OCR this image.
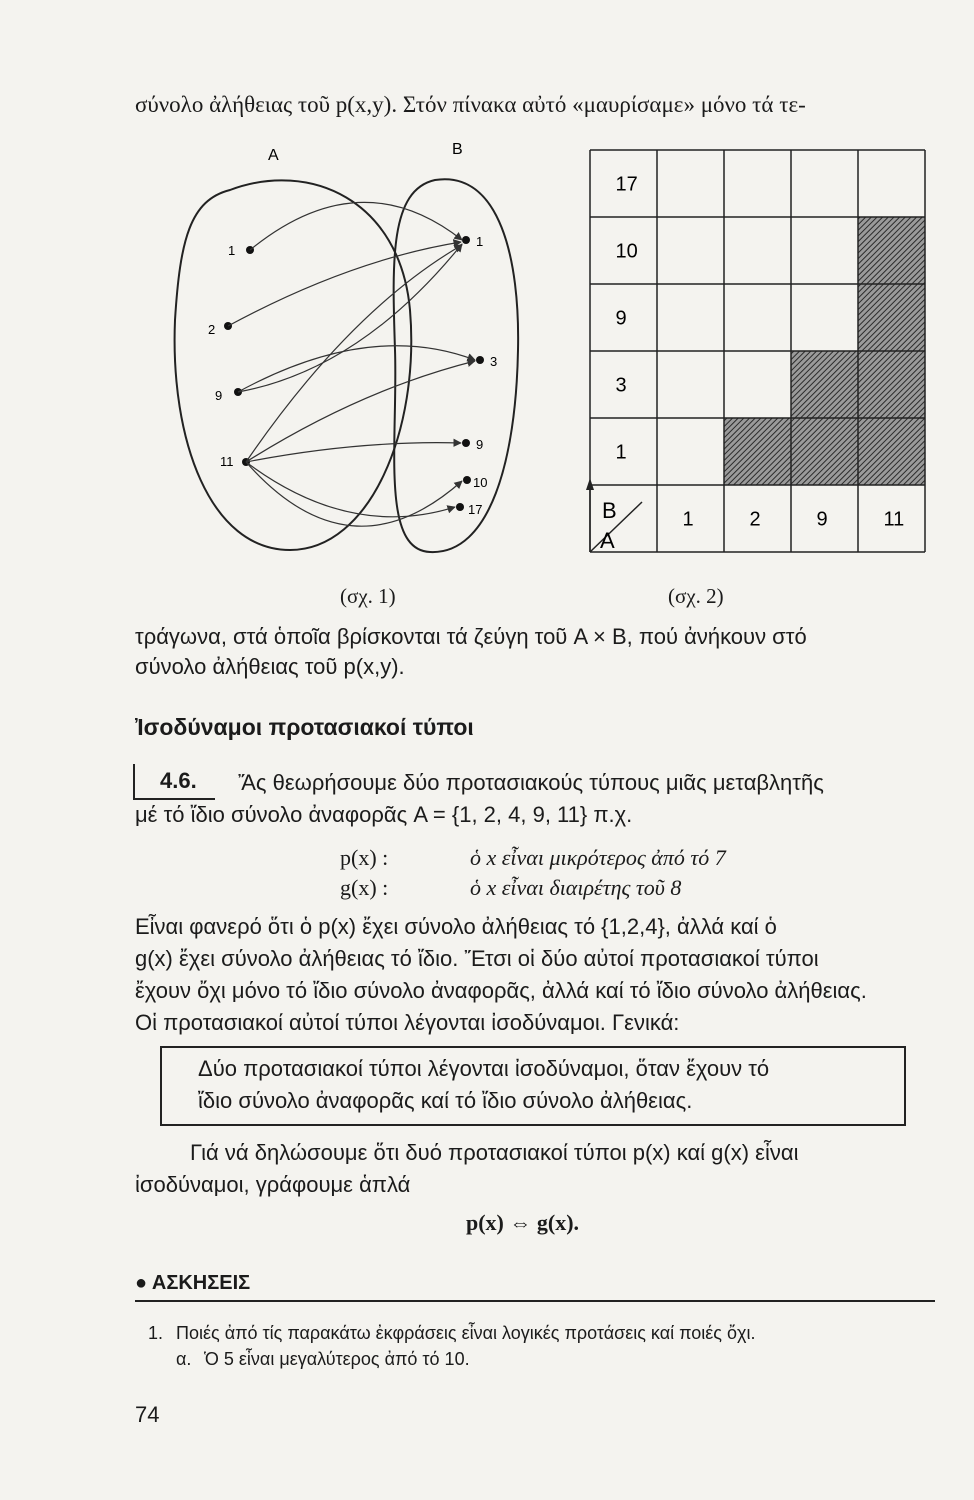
σύνολο ἀλήθειας τοῦ p(x,y). Στόν πίνακα αὐτό «μαυρίσαμε» μόνο τά τε-
A	B
1
2
9
11
1
3
9
10
17
17
10
9
3
1
1	2	9	11
B
A
(σχ. 1)	(σχ. 2)
τράγωνα, στά ὁποῖα βρίσκονται τά ζεύγη τοῦ A × B, πού ἀνήκουν στό
σύνολο ἀλήθειας τοῦ p(x,y).
Ἰσοδύναμοι προτασιακοί τύποι
4.6. Ἄς θεωρήσουμε δύο προτασιακούς τύπους μιᾶς μεταβλητῆς
μέ τό ἴδιο σύνολο ἀναφορᾶς A = {1, 2, 4, 9, 11} π.χ.
p(x) :	ὁ x εἶναι μικρότερος ἀπό τό 7
g(x) :	ὁ x εἶναι διαιρέτης τοῦ 8
Εἶναι φανερό ὅτι ὁ p(x) ἔχει σύνολο ἀλήθειας τό {1,2,4}, ἀλλά καί ὁ
g(x) ἔχει σύνολο ἀλήθειας τό ἴδιο. Ἔτσι οἱ δύο αὐτοί προτασιακοί τύποι
ἔχουν ὄχι μόνο τό ἴδιο σύνολο ἀναφορᾶς, ἀλλά καί τό ἴδιο σύνολο ἀλήθειας.
Οἱ προτασιακοί αὐτοί τύποι λέγονται ἰσοδύναμοι. Γενικά:
Δύο προτασιακοί τύποι λέγονται ἰσοδύναμοι, ὅταν ἔχουν τό
ἴδιο σύνολο ἀναφορᾶς καί τό ἴδιο σύνολο ἀλήθειας.
Γιά νά δηλώσουμε ὅτι δυό προτασιακοί τύποι p(x) καί g(x) εἶναι
ἰσοδύναμοι, γράφουμε ἁπλά
p(x) ⇔ g(x).
● ΑΣΚΗΣΕΙΣ
1. Ποιές ἀπό τίς παρακάτω ἐκφράσεις εἶναι λογικές προτάσεις καί ποιές ὄχι.
α. Ὁ 5 εἶναι μεγαλύτερος ἀπό τό 10.
74
